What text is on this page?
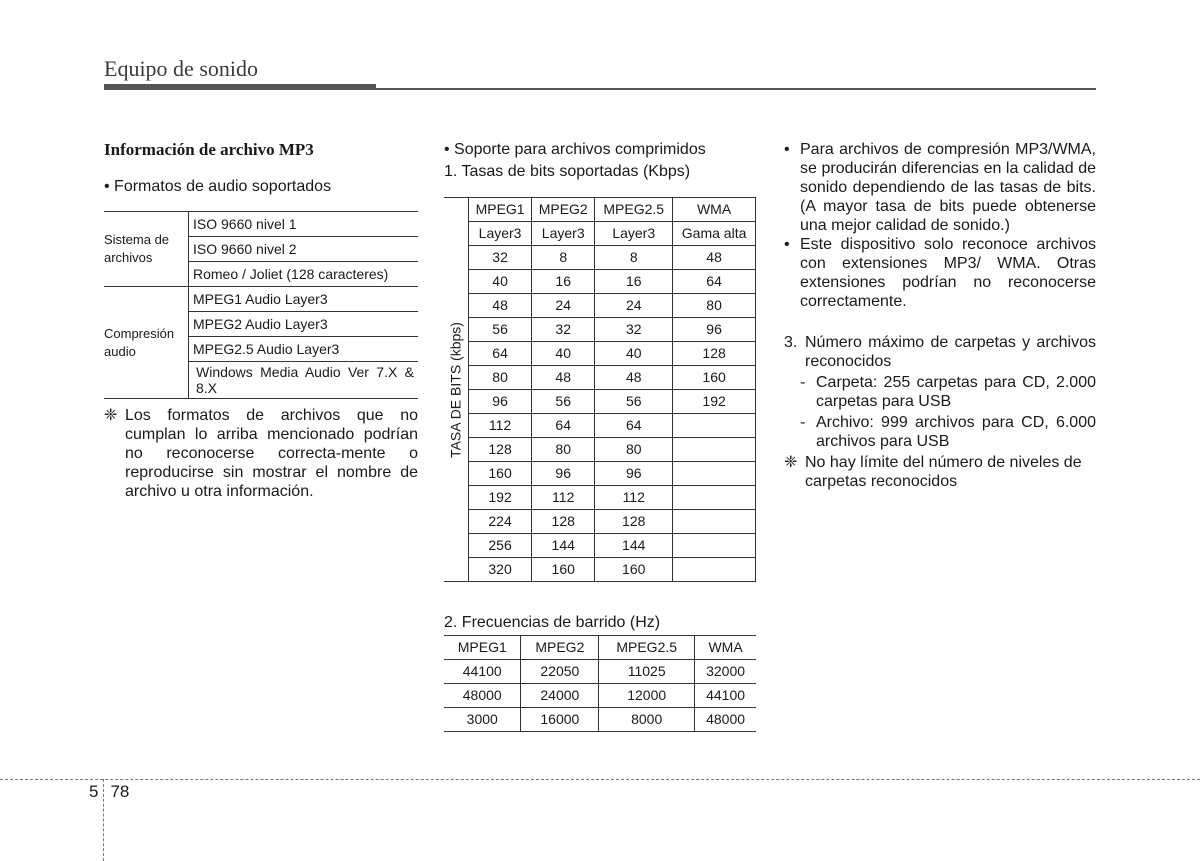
Equipo de sonido
Información de archivo MP3
• Formatos de audio soportados
Sistema de archivos	ISO 9660 nivel 1
	ISO 9660 nivel 2
	Romeo / Joliet (128 caracteres)
Compresión audio	MPEG1 Audio Layer3
	MPEG2 Audio Layer3
	MPEG2.5 Audio Layer3
	Windows Media Audio Ver 7.X & 8.X
❈ Los formatos de archivos que no cumplan lo arriba mencionado podrían no reconocerse correcta-mente o reproducirse sin mostrar el nombre de archivo u otra información.
• Soporte para archivos comprimidos
1. Tasas de bits soportadas (Kbps)
TASA DE BITS (kbps)	MPEG1	MPEG2	MPEG2.5	WMA
	Layer3	Layer3	Layer3	Gama alta
	32	8	8	48
	40	16	16	64
	48	24	24	80
	56	32	32	96
	64	40	40	128
	80	48	48	160
	96	56	56	192
	112	64	64	
	128	80	80	
	160	96	96	
	192	112	112	
	224	128	128	
	256	144	144	
	320	160	160	
2. Frecuencias de barrido (Hz)
MPEG1	MPEG2	MPEG2.5	WMA
44100	22050	11025	32000
48000	24000	12000	44100
3000	16000	8000	48000
• Para archivos de compresión MP3/WMA, se producirán diferencias en la calidad de sonido dependiendo de las tasas de bits. (A mayor tasa de bits puede obtenerse una mejor calidad de sonido.)
• Este dispositivo solo reconoce archivos con extensiones MP3/ WMA. Otras extensiones podrían no reconocerse correctamente.
3. Número máximo de carpetas y archivos reconocidos
- Carpeta: 255 carpetas para CD, 2.000 carpetas para USB
- Archivo: 999 archivos para CD, 6.000 archivos para USB
❈ No hay límite del número de niveles de carpetas reconocidos
5 78
